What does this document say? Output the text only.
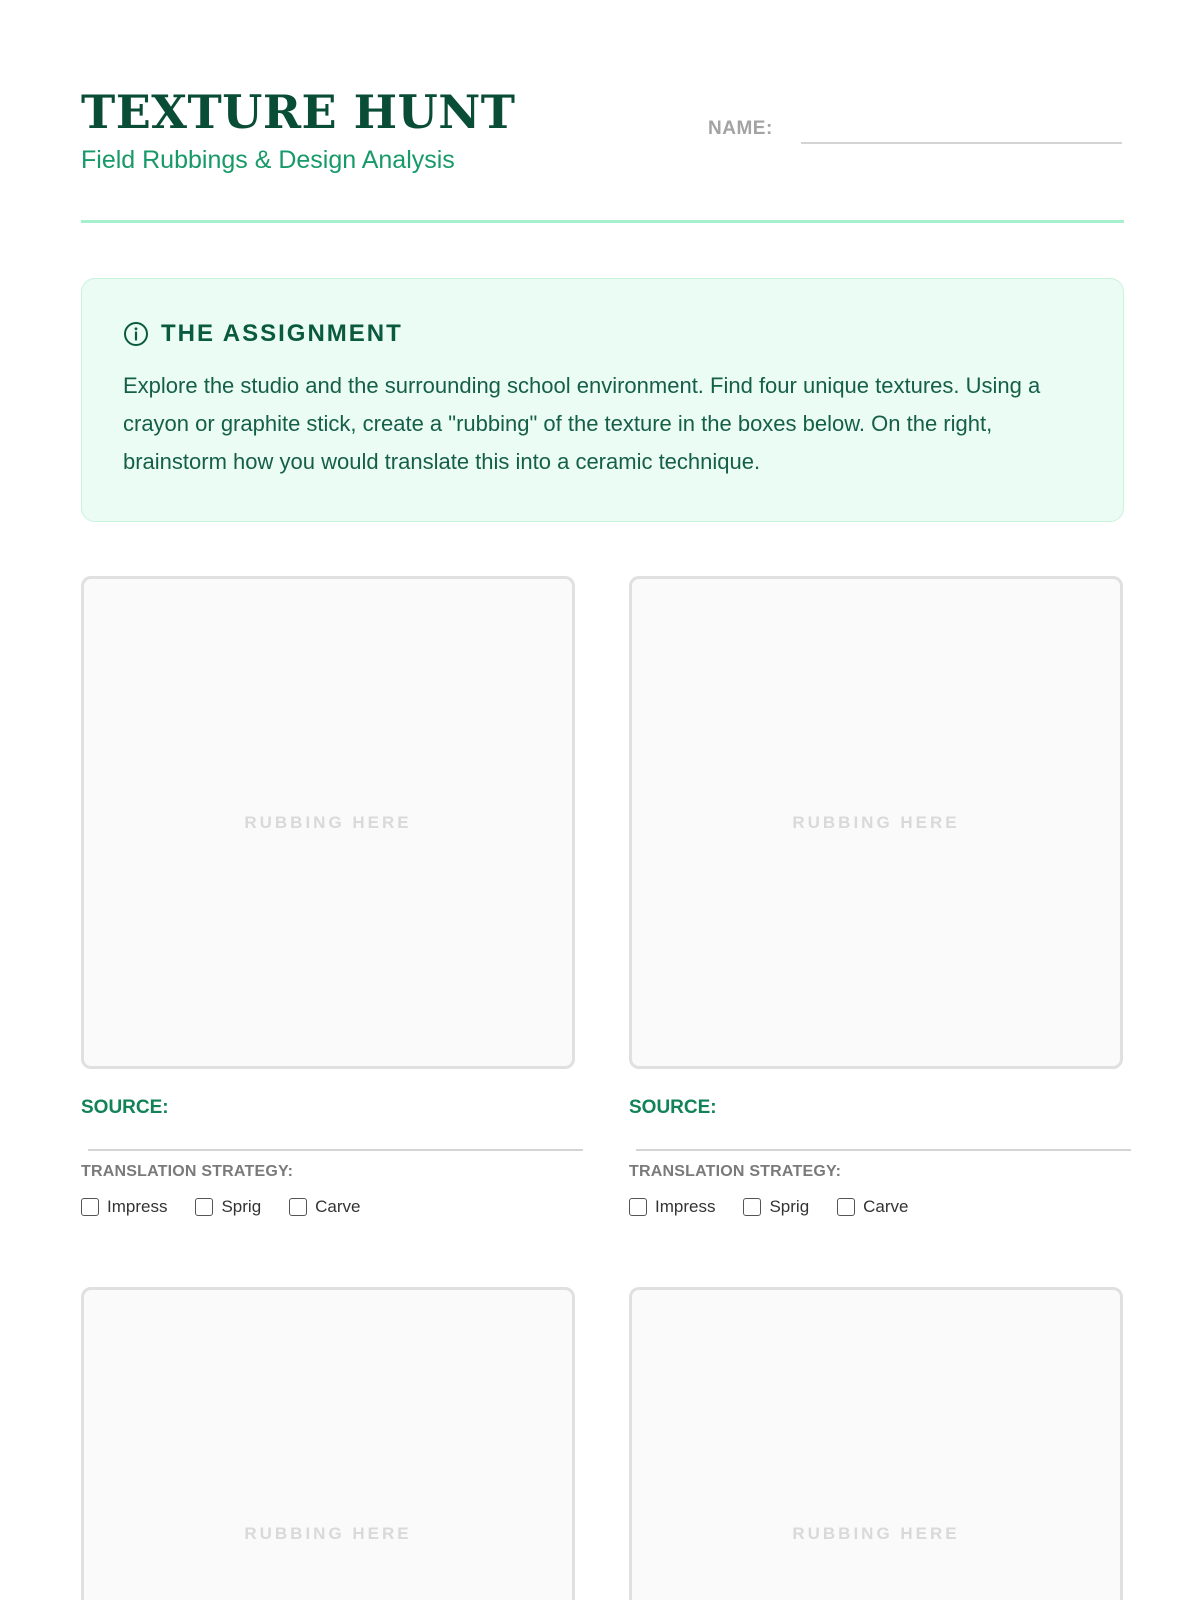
TEXTURE HUNT
Field Rubbings & Design Analysis
NAME:
THE ASSIGNMENT

Explore the studio and the surrounding school environment. Find four unique textures. Using a crayon or graphite stick, create a "rubbing" of the texture in the boxes below. On the right, brainstorm how you would translate this into a ceramic technique.

RUBBING HERE
SOURCE:
TRANSLATION STRATEGY:
Impress	Sprig	Carve
RUBBING HERE
SOURCE:
TRANSLATION STRATEGY:
Impress	Sprig	Carve
RUBBING HERE	RUBBING HERE
